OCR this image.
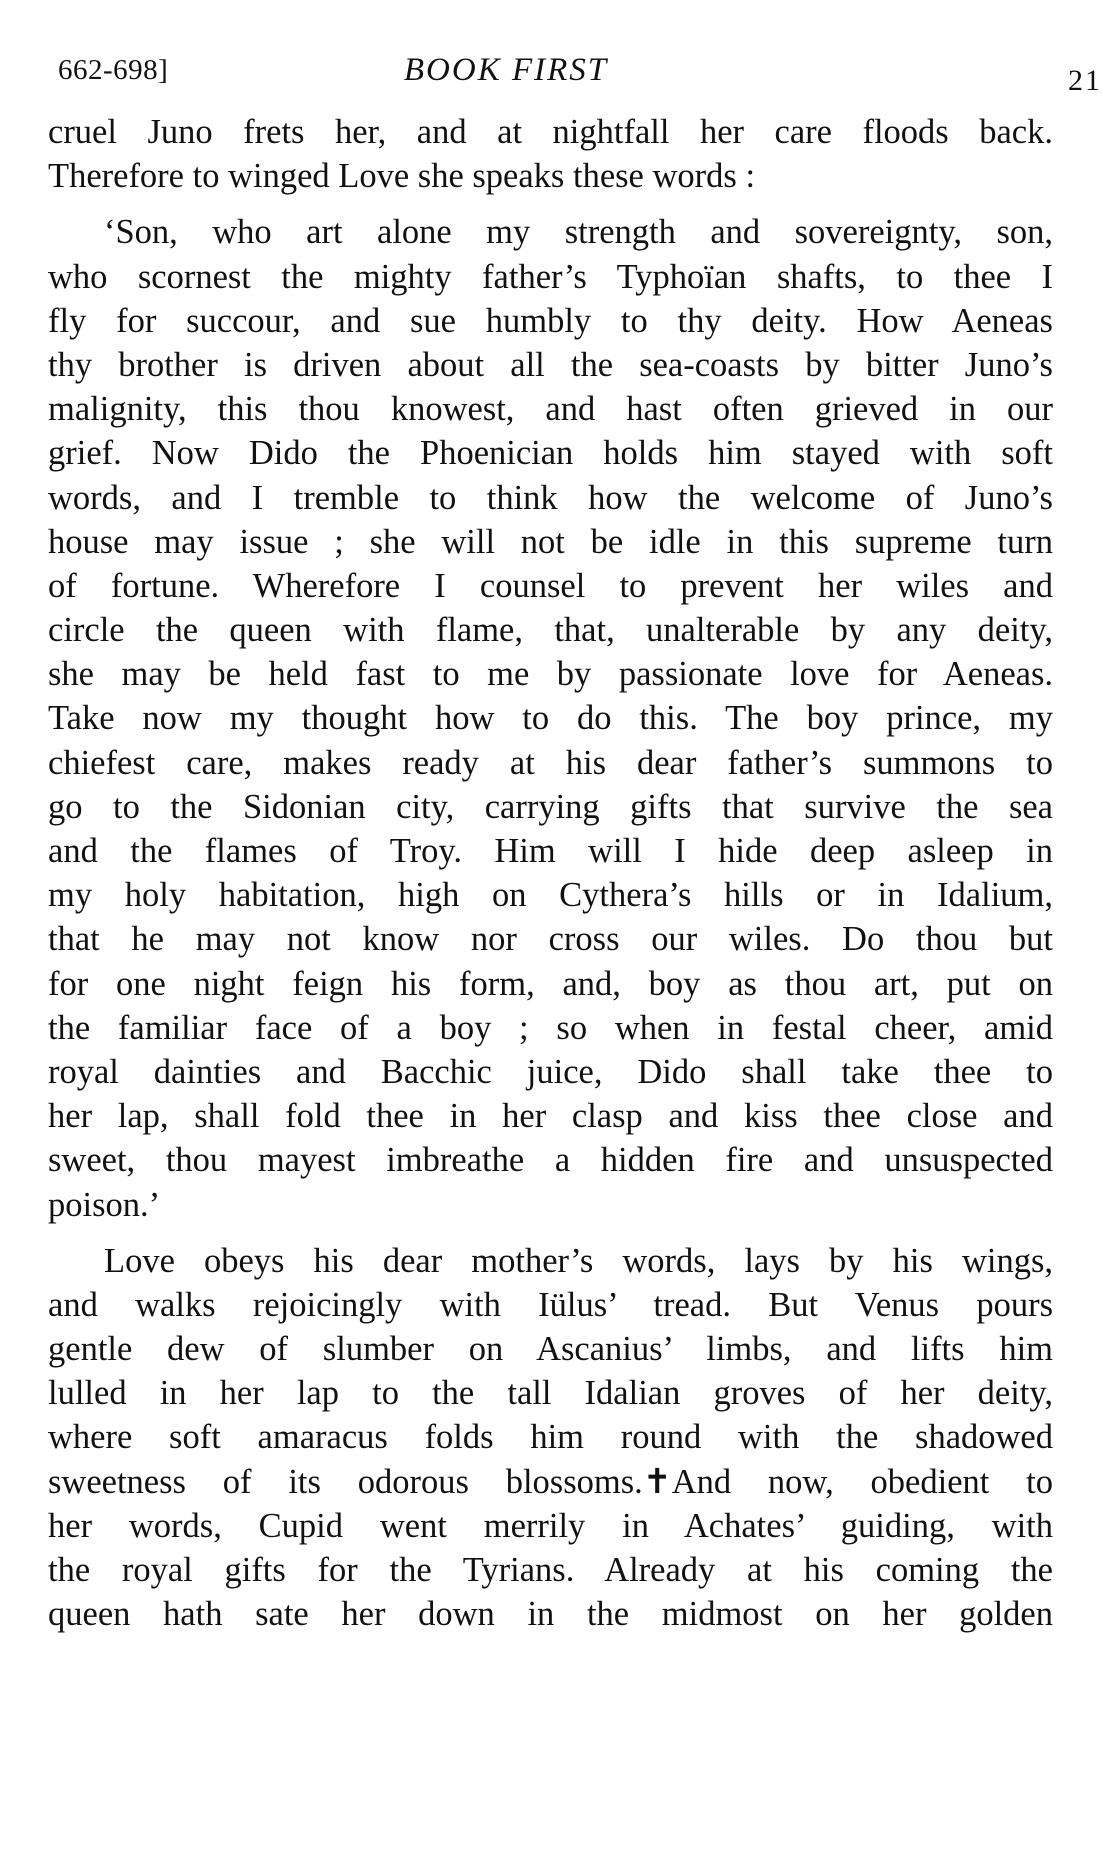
662-698]	BOOK FIRST	21
cruel Juno frets her, and at nightfall her care floods back.
Therefore to winged Love she speaks these words :
‘Son, who art alone my strength and sovereignty, son,
who scornest the mighty father’s Typhoïan shafts, to thee I
fly for succour, and sue humbly to thy deity. How Aeneas
thy brother is driven about all the sea-coasts by bitter Juno’s
malignity, this thou knowest, and hast often grieved in our
grief. Now Dido the Phoenician holds him stayed with soft
words, and I tremble to think how the welcome of Juno’s
house may issue ; she will not be idle in this supreme turn
of fortune. Wherefore I counsel to prevent her wiles and
circle the queen with flame, that, unalterable by any deity,
she may be held fast to me by passionate love for Aeneas.
Take now my thought how to do this. The boy prince, my
chiefest care, makes ready at his dear father’s summons to
go to the Sidonian city, carrying gifts that survive the sea
and the flames of Troy. Him will I hide deep asleep in
my holy habitation, high on Cythera’s hills or in Idalium,
that he may not know nor cross our wiles. Do thou but
for one night feign his form, and, boy as thou art, put on
the familiar face of a boy ; so when in festal cheer, amid
royal dainties and Bacchic juice, Dido shall take thee to
her lap, shall fold thee in her clasp and kiss thee close and
sweet, thou mayest imbreathe a hidden fire and unsuspected
poison.’
Love obeys his dear mother’s words, lays by his wings,
and walks rejoicingly with Iülus’ tread. But Venus pours
gentle dew of slumber on Ascanius’ limbs, and lifts him
lulled in her lap to the tall Idalian groves of her deity,
where soft amaracus folds him round with the shadowed
sweetness of its odorous blossoms.✝And now, obedient to
her words, Cupid went merrily in Achates’ guiding, with
the royal gifts for the Tyrians. Already at his coming the
queen hath sate her down in the midmost on her golden
